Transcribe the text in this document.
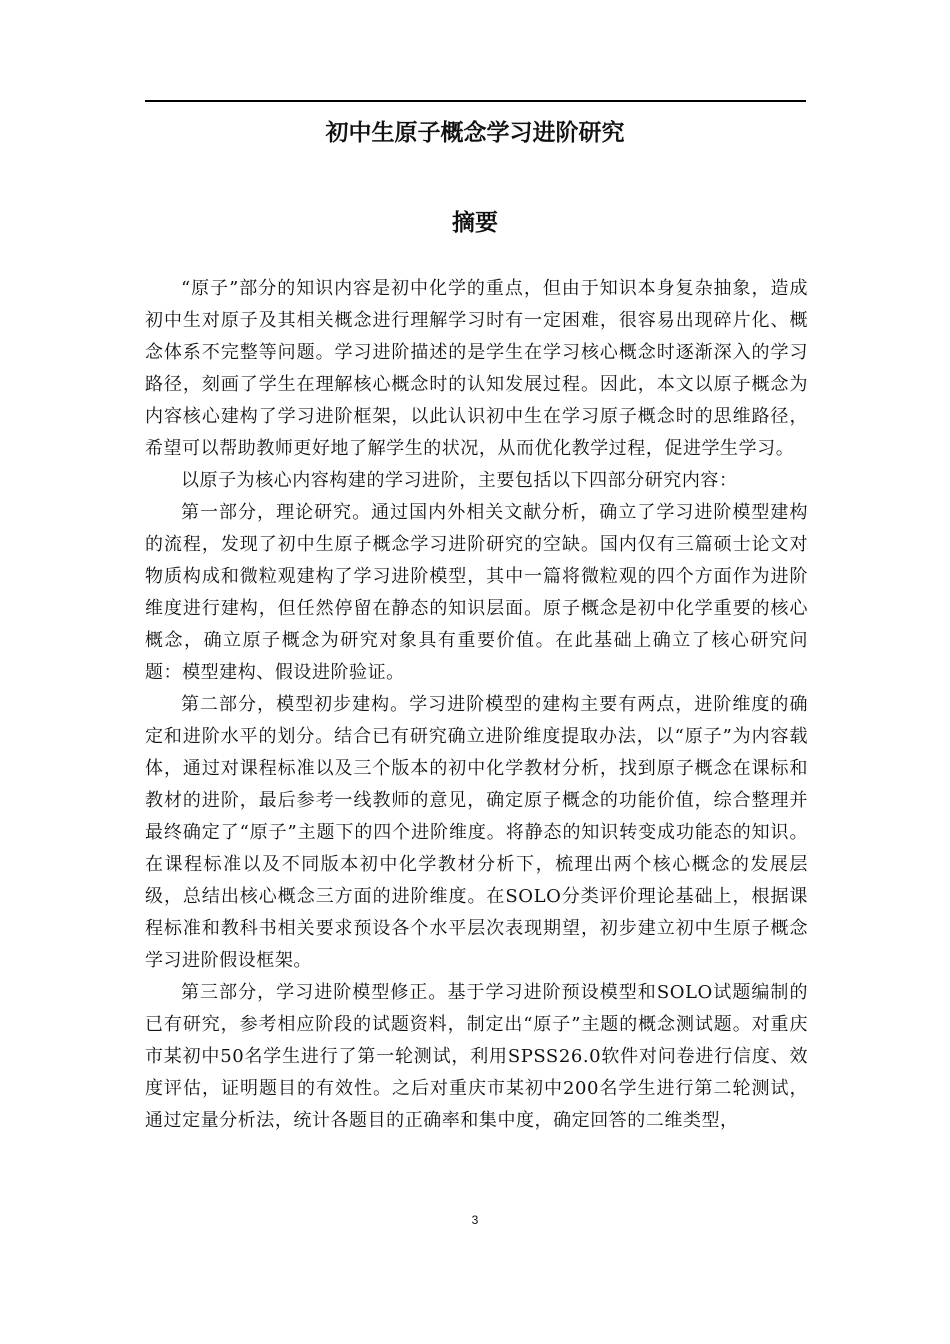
初中生原子概念学习进阶研究
摘要

“原子”部分的知识内容是初中化学的重点，但由于知识本身复杂抽象，造成初中生对原子及其相关概念进行理解学习时有一定困难，很容易出现碎片化、概念体系不完整等问题。学习进阶描述的是学生在学习核心概念时逐渐深入的学习路径，刻画了学生在理解核心概念时的认知发展过程。因此，本文以原子概念为内容核心建构了学习进阶框架，以此认识初中生在学习原子概念时的思维路径，希望可以帮助教师更好地了解学生的状况，从而优化教学过程，促进学生学习。

以原子为核心内容构建的学习进阶，主要包括以下四部分研究内容：

第一部分，理论研究。通过国内外相关文献分析，确立了学习进阶模型建构的流程，发现了初中生原子概念学习进阶研究的空缺。国内仅有三篇硕士论文对物质构成和微粒观建构了学习进阶模型，其中一篇将微粒观的四个方面作为进阶维度进行建构，但任然停留在静态的知识层面。原子概念是初中化学重要的核心概念，确立原子概念为研究对象具有重要价值。在此基础上确立了核心研究问题：模型建构、假设进阶验证。

第二部分，模型初步建构。学习进阶模型的建构主要有两点，进阶维度的确定和进阶水平的划分。结合已有研究确立进阶维度提取办法，以“原子”为内容载体，通过对课程标准以及三个版本的初中化学教材分析，找到原子概念在课标和教材的进阶，最后参考一线教师的意见，确定原子概念的功能价值，综合整理并最终确定了“原子”主题下的四个进阶维度。将静态的知识转变成功能态的知识。在课程标准以及不同版本初中化学教材分析下，梳理出两个核心概念的发展层级，总结出核心概念三方面的进阶维度。在SOLO分类评价理论基础上，根据课程标准和教科书相关要求预设各个水平层次表现期望，初步建立初中生原子概念学习进阶假设框架。

第三部分，学习进阶模型修正。基于学习进阶预设模型和SOLO试题编制的已有研究，参考相应阶段的试题资料，制定出“原子”主题的概念测试题。对重庆市某初中50名学生进行了第一轮测试，利用SPSS26.0软件对问卷进行信度、效度评估，证明题目的有效性。之后对重庆市某初中200名学生进行第二轮测试，通过定量分析法，统计各题目的正确率和集中度，确定回答的二维类型，

3
